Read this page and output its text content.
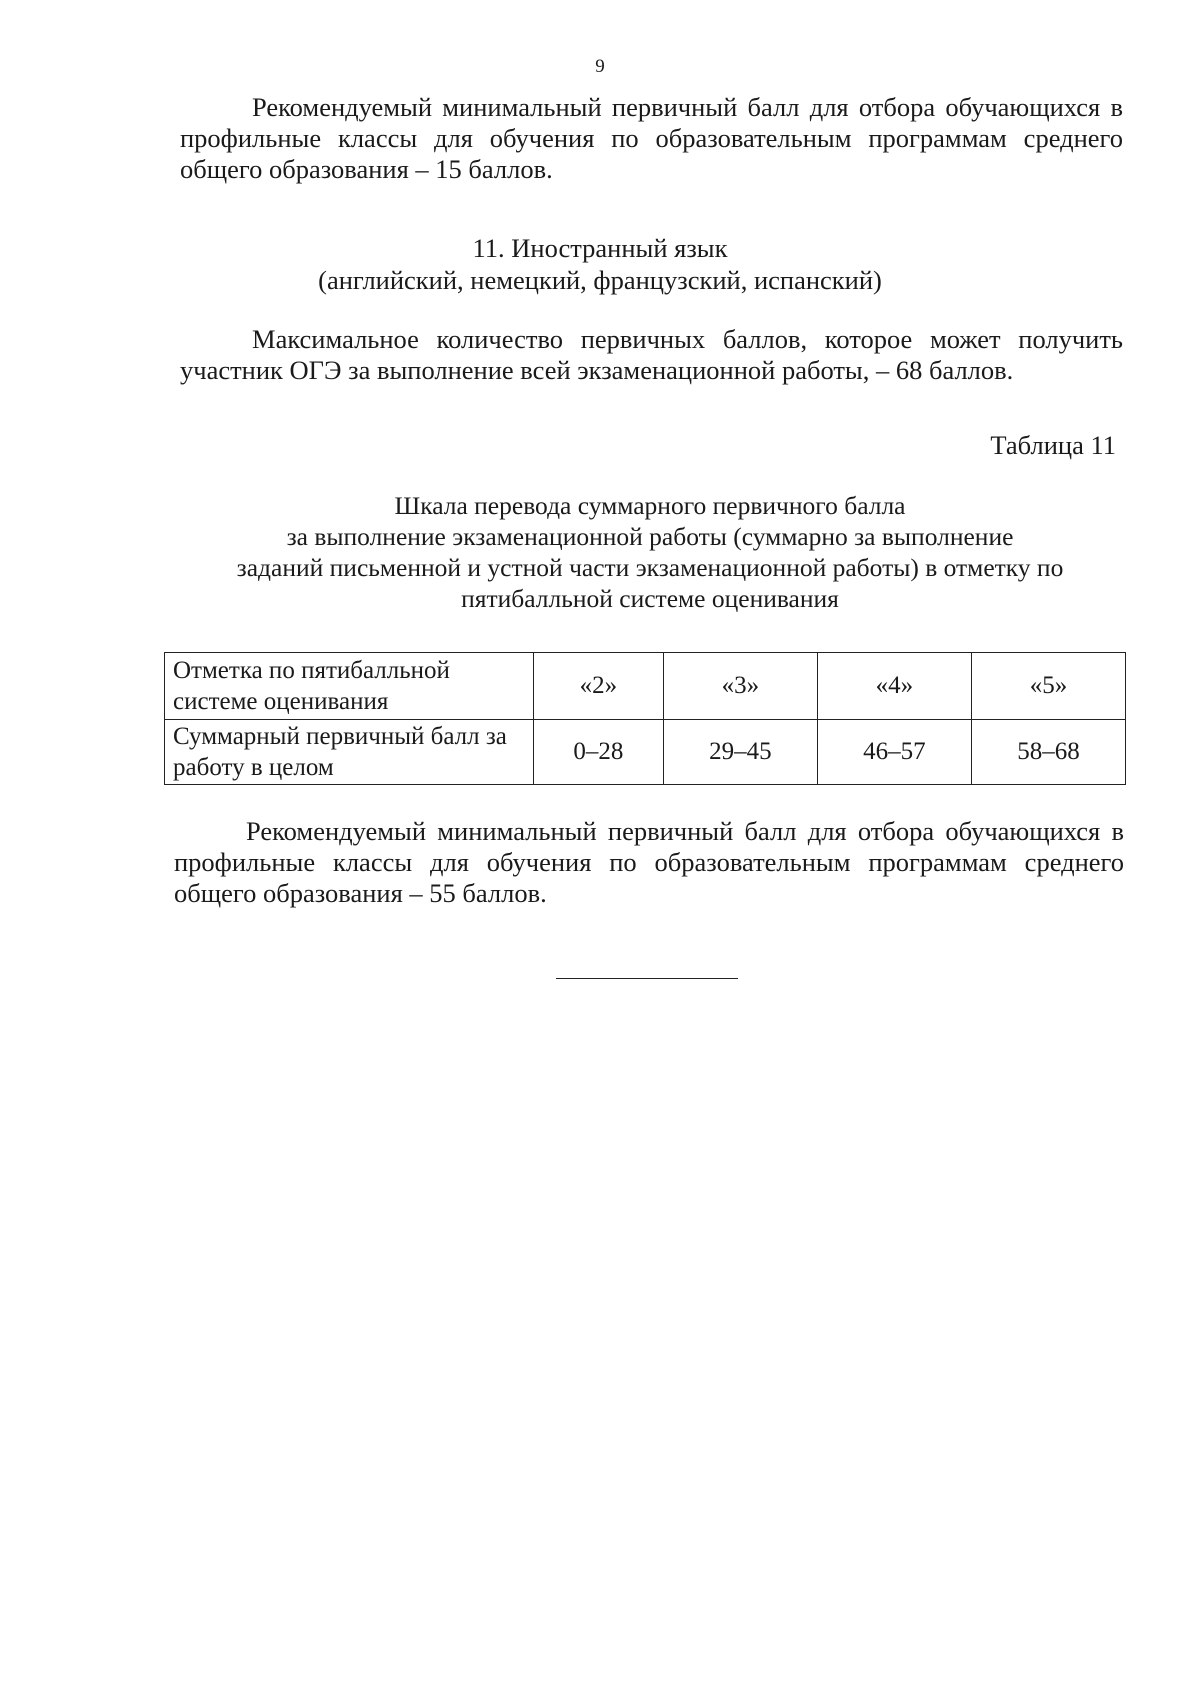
9
Рекомендуемый минимальный первичный балл для отбора обучающихся в профильные классы для обучения по образовательным программам среднего общего образования – 15 баллов.
11. Иностранный язык
(английский, немецкий, французский, испанский)
Максимальное количество первичных баллов, которое может получить участник ОГЭ за выполнение всей экзаменационной работы, – 68 баллов.
Таблица 11
Шкала перевода суммарного первичного балла
за выполнение экзаменационной работы (суммарно за выполнение
заданий письменной и устной части экзаменационной работы) в отметку по
пятибалльной системе оценивания
Отметка по пятибалльной системе оценивания	«2»	«3»	«4»	«5»
Суммарный первичный балл за работу в целом	0–28	29–45	46–57	58–68
Рекомендуемый минимальный первичный балл для отбора обучающихся в профильные классы для обучения по образовательным программам среднего общего образования – 55 баллов.
